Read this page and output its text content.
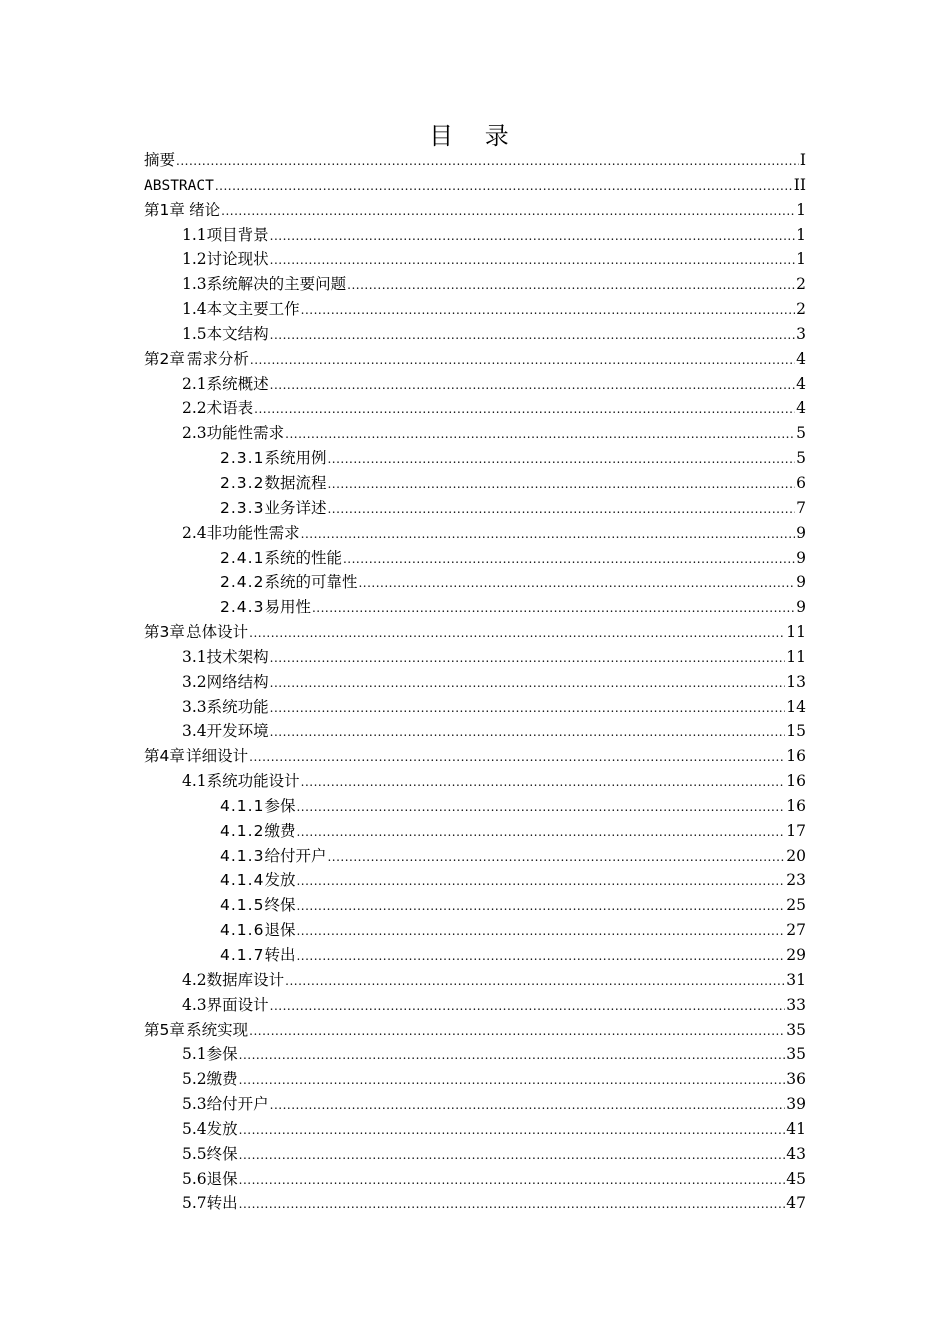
目 录
摘要 .....	I
ABSTRACT .....	II
第1章 绪论 .....	1
1.1 项目背景 .....	1
1.2 讨论现状 .....	1
1.3 系统解决的主要问题 .....	2
1.4 本文主要工作 .....	2
1.5 本文结构 .....	3
第2章 需求分析 .....	4
2.1 系统概述 .....	4
2.2 术语表 .....	4
2.3 功能性需求 .....	5
2.3.1 系统用例 .....	5
2.3.2 数据流程 .....	6
2.3.3 业务详述 .....	7
2.4 非功能性需求 .....	9
2.4.1 系统的性能 .....	9
2.4.2 系统的可靠性 .....	9
2.4.3 易用性 .....	9
第3章 总体设计 .....	11
3.1 技术架构 .....	11
3.2 网络结构 .....	13
3.3 系统功能 .....	14
3.4 开发环境 .....	15
第4章 详细设计 .....	16
4.1 系统功能设计 .....	16
4.1.1 参保 .....	16
4.1.2 缴费 .....	17
4.1.3 给付开户 .....	20
4.1.4 发放 .....	23
4.1.5 终保 .....	25
4.1.6 退保 .....	27
4.1.7 转出 .....	29
4.2 数据库设计 .....	31
4.3 界面设计 .....	33
第5章 系统实现 .....	35
5.1 参保 .....	35
5.2 缴费 .....	36
5.3 给付开户 .....	39
5.4 发放 .....	41
5.5 终保 .....	43
5.6 退保 .....	45
5.7 转出 .....	47
